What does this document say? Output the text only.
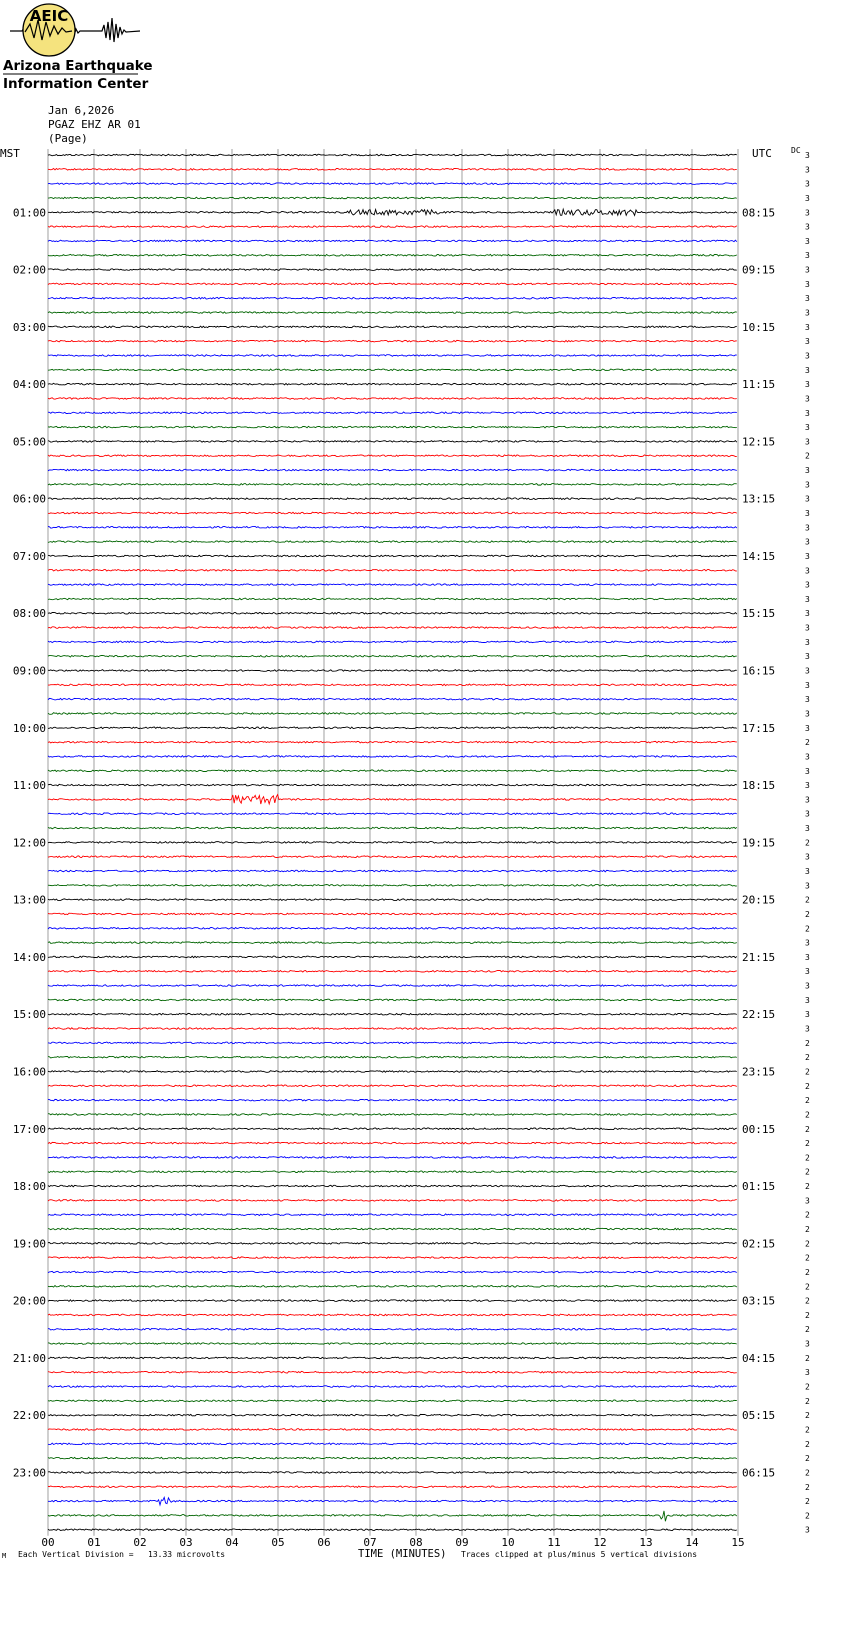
AEIC
Arizona Earthquake
Information Center
Jan 6,2026
PGAZ EHZ AR 01
(Page)
MST	UTC DC
01:00
02:00
03:00
04:00
05:00
06:00
07:00
08:00
09:00
10:00
11:00
12:00
13:00
14:00
15:00
16:00
17:00
18:00
19:00
20:00
21:00
22:00
23:00
08:15
09:15
10:15
11:15
12:15
13:15
14:15
15:15
16:15
17:15
18:15
19:15
20:15
21:15
22:15
23:15
00:15
01:15
02:15
03:15
04:15
05:15
06:15
3
3
3
3
3
3
3
3
3
3
3
3
3
3
3
3
3
3
3
3
3
2
3
3
3
3
3
3
3
3
3
3
3
3
3
3
3
3
3
3
3
2
3
3
3
3
3
3
2
3
3
3
2
2
2
3
3
3
3
3
3
3
2
2
2
2
2
2
2
2
2
2
2
3
2
2
2
2
2
2
2
2
2
3
2
3
2
2
2
2
2
2
2
2
2
2
3
00	01	02	03	04	05	06	07	08	09	10	11	12	13	14	15
M Each Vertical Division =   13.33 microvolts	TIME (MINUTES) Traces clipped at plus/minus 5 vertical divisions
